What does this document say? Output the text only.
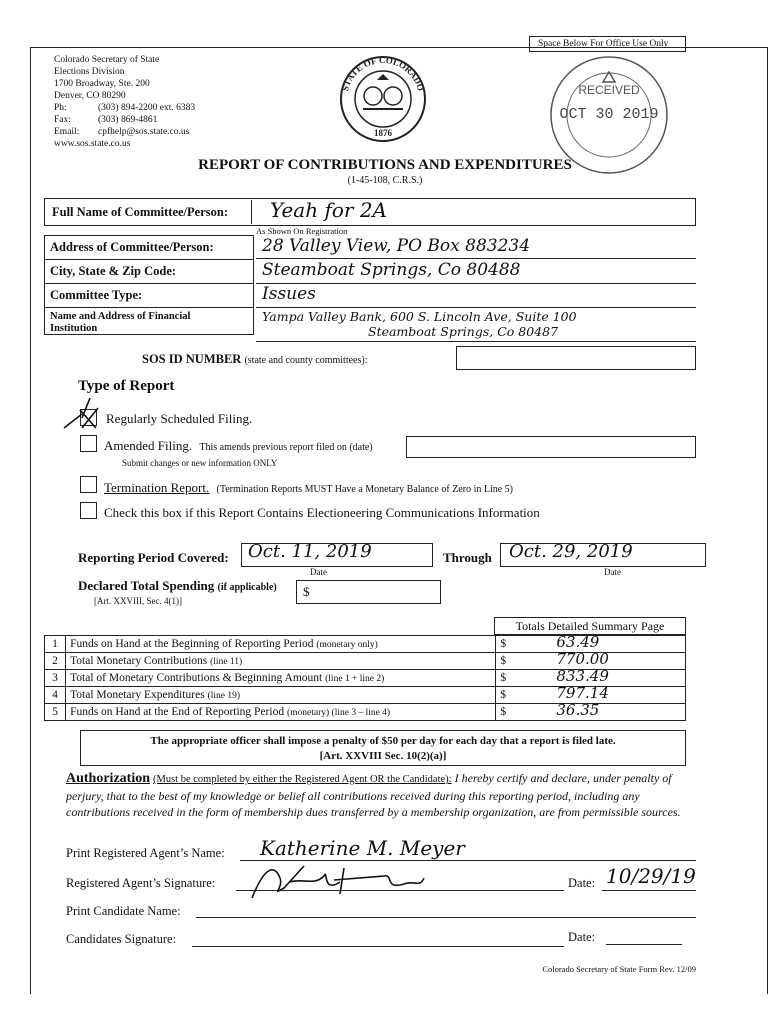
Colorado Secretary of State
Elections Division
1700 Broadway, Ste. 200
Denver, CO 80290
Ph:	(303) 894-2200 ext. 6383
Fax:	(303) 869-4861
Email: cpfhelp@sos.state.co.us
www.sos.state.co.us
STATE OF COLORADO
1876
Space Below For Office Use Only
RECEIVED
OCT 30 2019
REPORT OF CONTRIBUTIONS AND EXPENDITURES
(1-45-108, C.R.S.)
Full Name of Committee/Person:	Yeah for 2A
As Shown On Registration
Address of Committee/Person:	28 Valley View, PO Box 883234
City, State & Zip Code:	Steamboat Springs, Co 80488
Committee Type:	Issues
Name and Address of Financial
Institution
Yampa Valley Bank, 600 S. Lincoln Ave, Suite 100
Steamboat Springs, Co 80487
SOS ID NUMBER (state and county committees):
Type of Report
Regularly Scheduled Filing.
Amended Filing. This amends previous report filed on (date)
Submit changes or new information ONLY
Termination Report. (Termination Reports MUST Have a Monetary Balance of Zero in Line 5)
Check this box if this Report Contains Electioneering Communications Information
Reporting Period Covered: Oct. 11, 2019
Date
Through Oct. 29, 2019
Date
Declared Total Spending (if applicable)
[Art. XXVIII, Sec. 4(1)]
$
Totals Detailed Summary Page
1	Funds on Hand at the Beginning of Reporting Period (monetary only)	$ 63.49

2	Total Monetary Contributions (line 11)	$ 770.00

3	Total of Monetary Contributions & Beginning Amount (line 1 + line 2)	$ 833.49

4	Total Monetary Expenditures (line 19)	$ 797.14

5	Funds on Hand at the End of Reporting Period (monetary) (line 3 – line 4)	$ 36.35
The appropriate officer shall impose a penalty of $50 per day for each day that a report is filed late.
[Art. XXVIII Sec. 10(2)(a)]
Authorization (Must be completed by either the Registered Agent OR the Candidate): I hereby certify and declare, under penalty of perjury, that to the best of my knowledge or belief all contributions received during this reporting period, including any contributions received in the form of membership dues transferred by a membership organization, are from permissible sources.
Print Registered Agent’s Name: Katherine M. Meyer
Registered Agent’s Signature:	Date: 10/29/19
Print Candidate Name:
Candidates Signature:	Date:
Colorado Secretary of State Form Rev. 12/09
